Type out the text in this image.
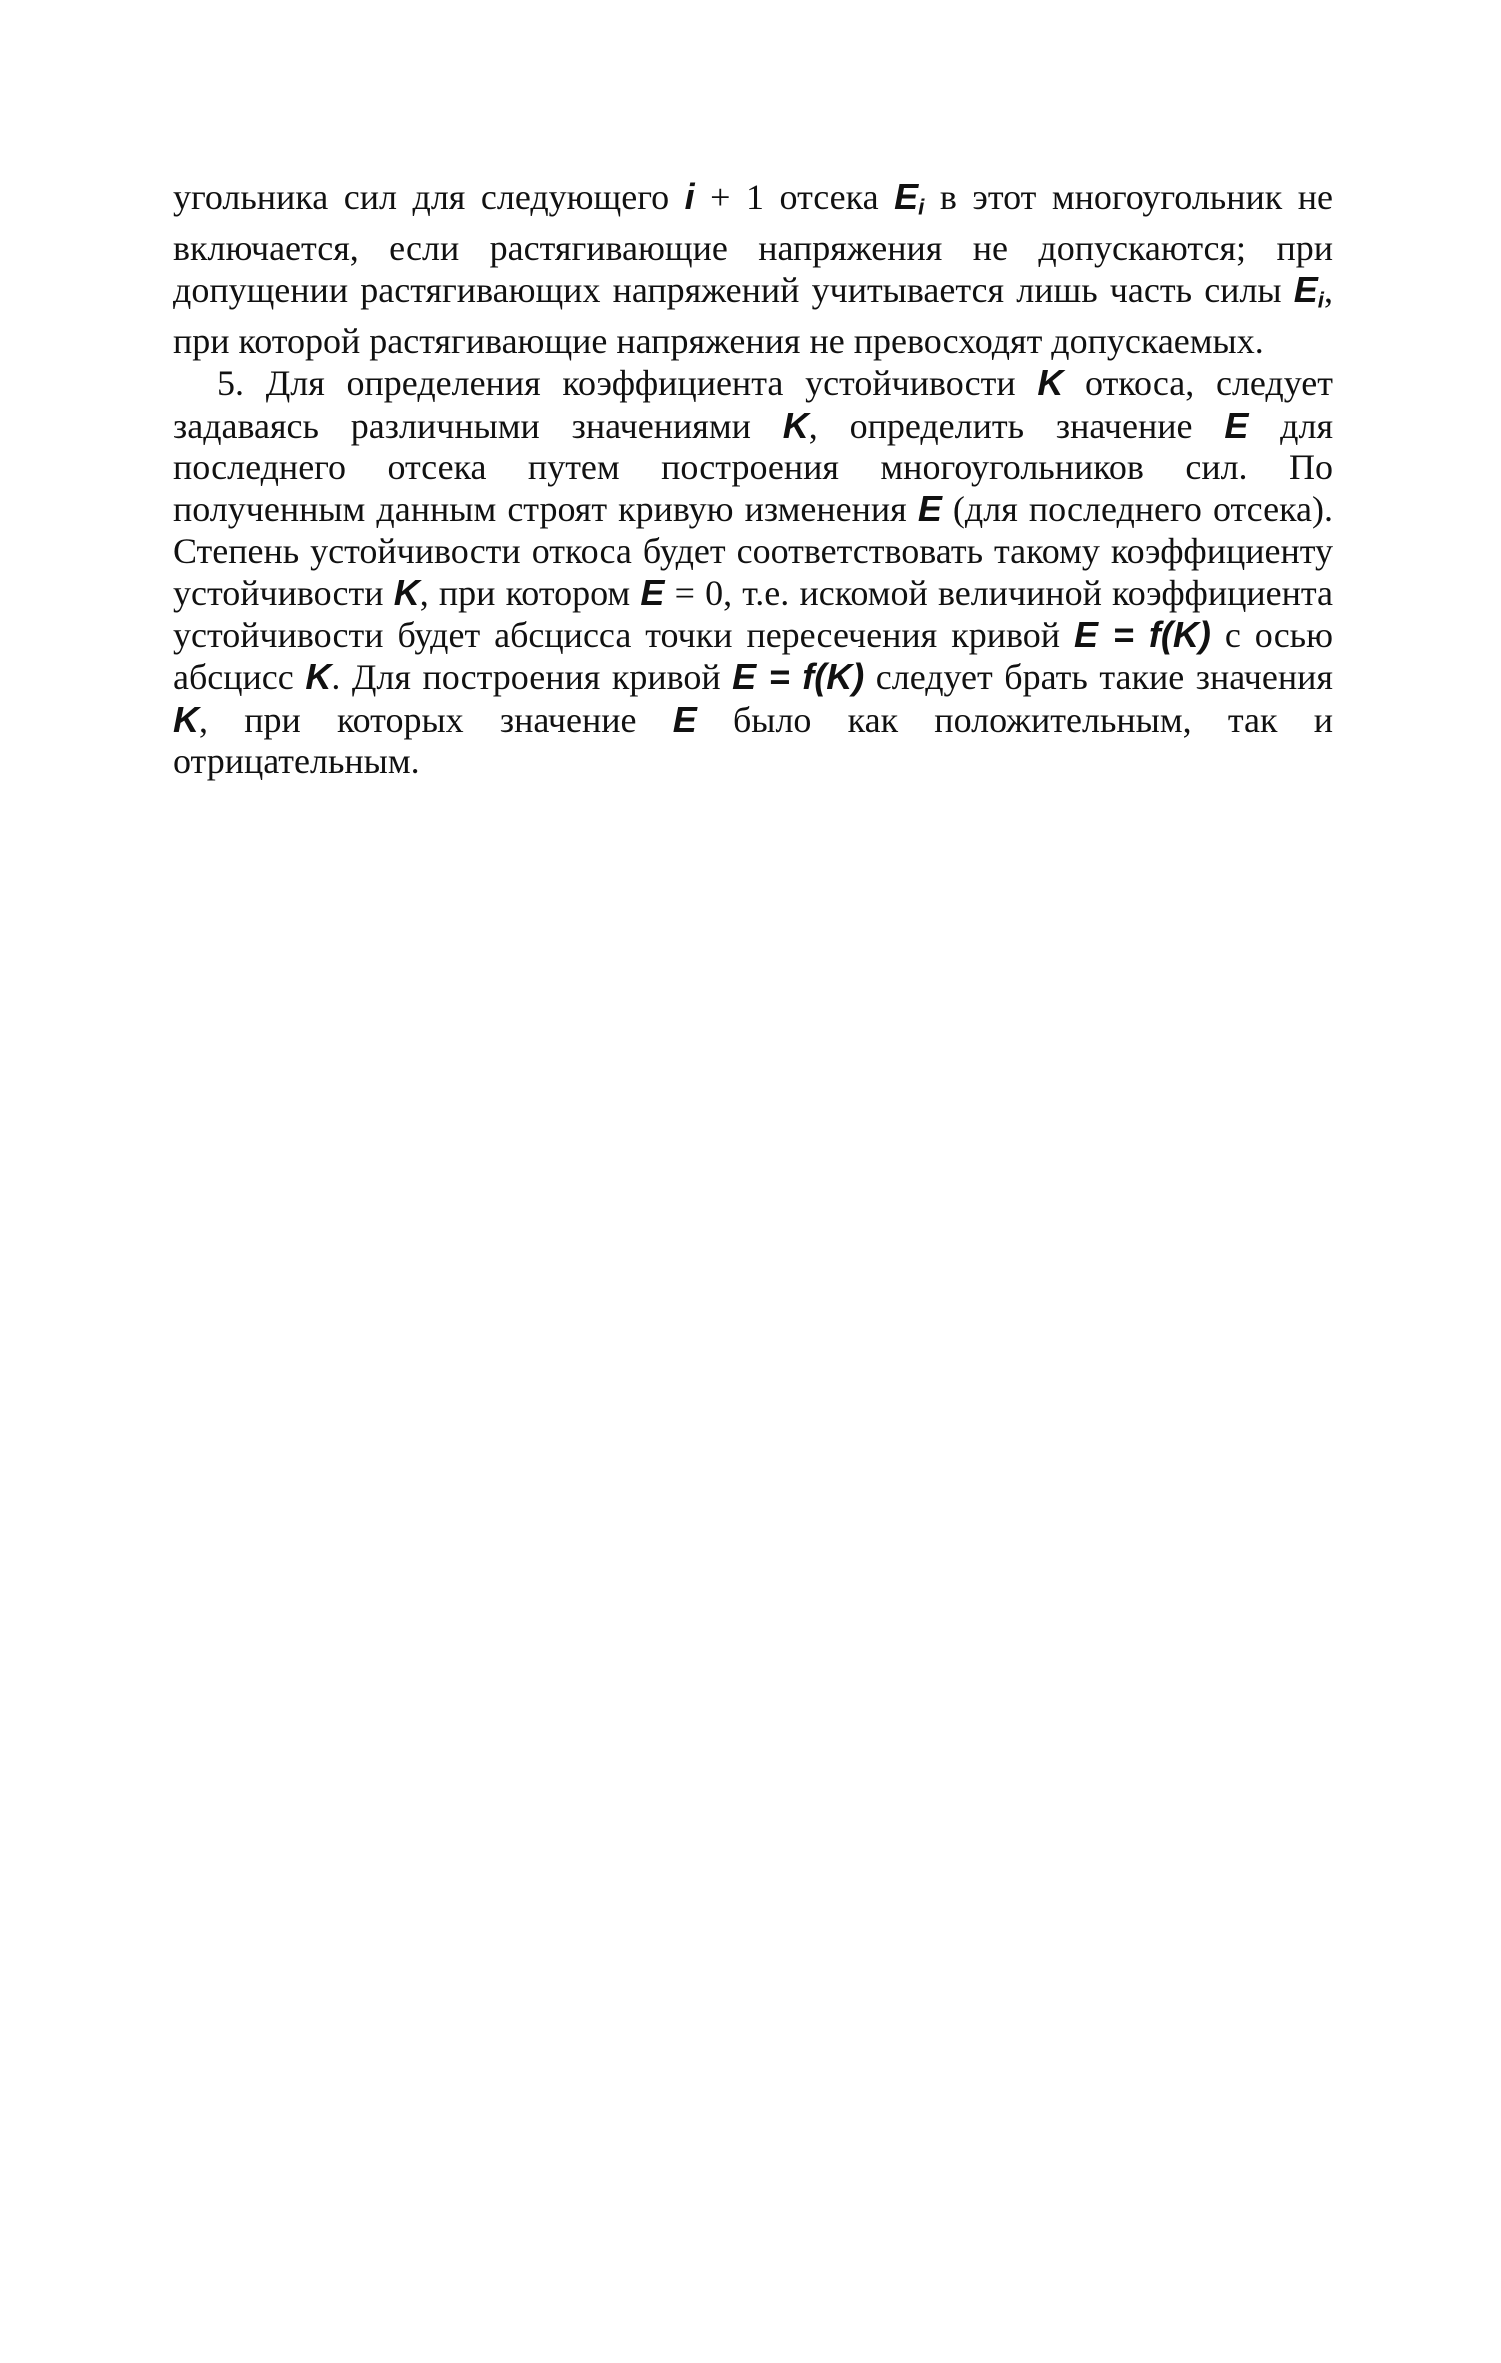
угольника сил для следующего i + 1 отсека $E_i$ в этот многоугольник не включается, если растягивающие напряжения не допускаются; при допущении растягивающих напряжений учитывается лишь часть силы $E_i$, при которой растягивающие напряжения не превосходят допускаемых.

5. Для определения коэффициента устойчивости K откоса, следует задаваясь различными значениями K, определить значение E для последнего отсека путем построения многоугольников сил. По полученным данным строят кривую изменения E (для последнего отсека). Степень устойчивости откоса будет соответствовать такому коэффициенту устойчивости K, при котором E = 0, т.е. искомой величиной коэффициента устойчивости будет абсцисса точки пересечения кривой E = f(K) с осью абсцисс K. Для построения кривой E = f(K) следует брать такие значения K, при которых значение E было как положительным, так и отрицательным.
